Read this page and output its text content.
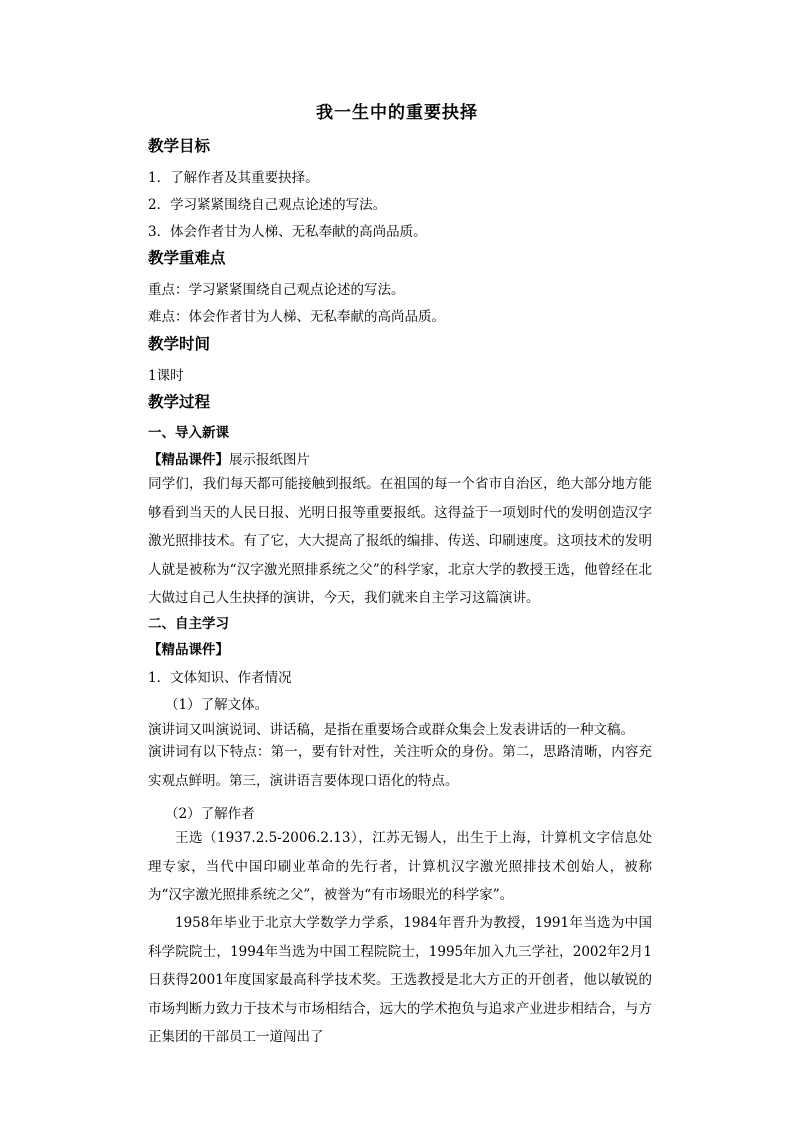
我一生中的重要抉择
教学目标
1．了解作者及其重要抉择。
2．学习紧紧围绕自己观点论述的写法。
3．体会作者甘为人梯、无私奉献的高尚品质。
教学重难点
重点：学习紧紧围绕自己观点论述的写法。
难点：体会作者甘为人梯、无私奉献的高尚品质。
教学时间
1课时
教学过程
一、导入新课
【精品课件】展示报纸图片
同学们，我们每天都可能接触到报纸。在祖国的每一个省市自治区，绝大部分地方能够看到当天的人民日报、光明日报等重要报纸。这得益于一项划时代的发明创造汉字激光照排技术。有了它，大大提高了报纸的编排、传送、印刷速度。这项技术的发明人就是被称为“汉字激光照排系统之父”的科学家，北京大学的教授王选，他曾经在北大做过自己人生抉择的演讲，今天，我们就来自主学习这篇演讲。
二、自主学习
【精品课件】
1．文体知识、作者情况
（1）了解文体。
演讲词又叫演说词、讲话稿，是指在重要场合或群众集会上发表讲话的一种文稿。
演讲词有以下特点：第一，要有针对性，关注听众的身份。第二，思路清晰，内容充实观点鲜明。第三，演讲语言要体现口语化的特点。
（2）了解作者
王选（1937.2.5-2006.2.13），江苏无锡人，出生于上海，计算机文字信息处理专家，当代中国印刷业革命的先行者，计算机汉字激光照排技术创始人，被称为“汉字激光照排系统之父”，被誉为“有市场眼光的科学家”。
1958年毕业于北京大学数学力学系，1984年晋升为教授，1991年当选为中国科学院院士，1994年当选为中国工程院院士，1995年加入九三学社，2002年2月1日获得2001年度国家最高科学技术奖。王选教授是北大方正的开创者，他以敏锐的市场判断力致力于技术与市场相结合，远大的学术抱负与追求产业进步相结合，与方正集团的干部员工一道闯出了
